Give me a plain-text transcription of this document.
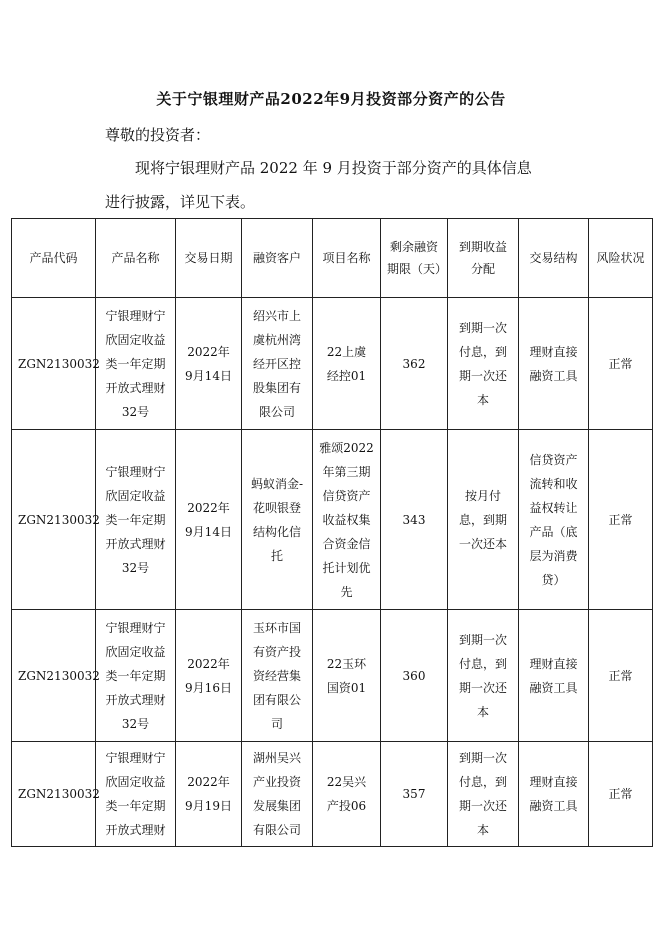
关于宁银理财产品2022年9月投资部分资产的公告
尊敬的投资者：
现将宁银理财产品 2022 年 9 月投资于部分资产的具体信息
进行披露，详见下表。
产品代码	产品名称	交易日期	融资客户	项目名称	剩余融资期限（天）	到期收益分配	交易结构	风险状况
ZGN2130032	宁银理财宁欣固定收益类一年定期开放式理财32号	2022年9月14日	绍兴市上虞杭州湾经开区控股集团有限公司	22上虞经控01	362	到期一次付息，到期一次还本	理财直接融资工具	正常
ZGN2130032	宁银理财宁欣固定收益类一年定期开放式理财32号	2022年9月14日	蚂蚁消金-花呗银登结构化信托	雅颂2022年第三期信贷资产收益权集合资金信托计划优先	343	按月付息，到期一次还本	信贷资产流转和收益权转让产品（底层为消费贷）	正常
ZGN2130032	宁银理财宁欣固定收益类一年定期开放式理财32号	2022年9月16日	玉环市国有资产投资经营集团有限公司	22玉环国资01	360	到期一次付息，到期一次还本	理财直接融资工具	正常
ZGN2130032	宁银理财宁欣固定收益类一年定期开放式理财	2022年9月19日	湖州吴兴产业投资发展集团有限公司	22吴兴产投06	357	到期一次付息，到期一次还本	理财直接融资工具	正常
